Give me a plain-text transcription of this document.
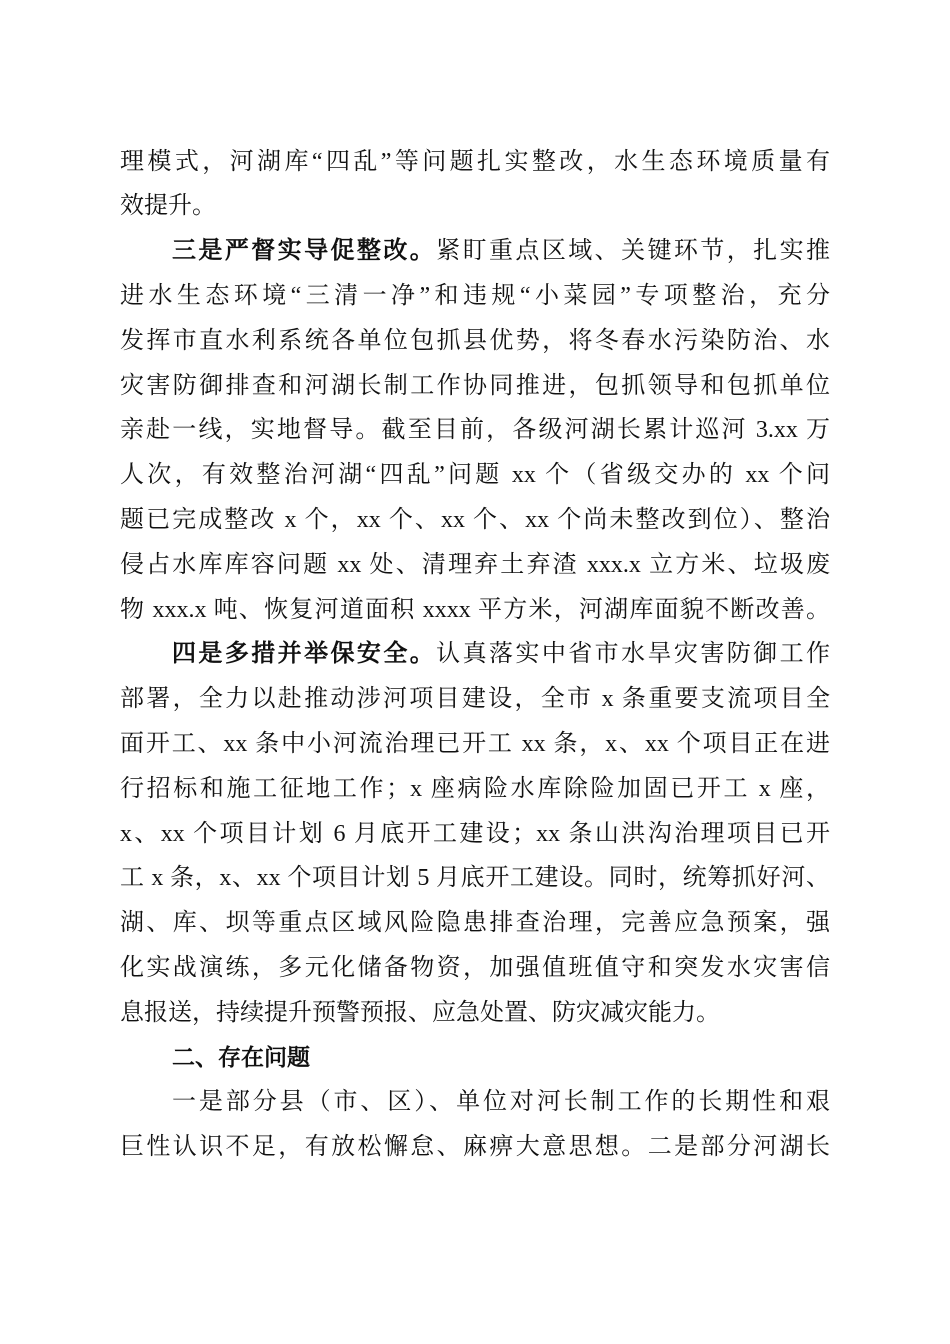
理模式，河湖库“四乱”等问题扎实整改，水生态环境质量有
效提升。
三是严督实导促整改。紧盯重点区域、关键环节，扎实推
进水生态环境“三清一净”和违规“小菜园”专项整治，充分
发挥市直水利系统各单位包抓县优势，将冬春水污染防治、水
灾害防御排查和河湖长制工作协同推进，包抓领导和包抓单位
亲赴一线，实地督导。截至目前，各级河湖长累计巡河 3.xx 万
人次，有效整治河湖“四乱”问题 xx 个（省级交办的 xx 个问
题已完成整改 x 个，xx 个、xx 个、xx 个尚未整改到位）、整治
侵占水库库容问题 xx 处、清理弃土弃渣 xxx.x 立方米、垃圾废
物 xxx.x 吨、恢复河道面积 xxxx 平方米，河湖库面貌不断改善。
四是多措并举保安全。认真落实中省市水旱灾害防御工作
部署，全力以赴推动涉河项目建设，全市 x 条重要支流项目全
面开工、xx 条中小河流治理已开工 xx 条，x、xx 个项目正在进
行招标和施工征地工作；x 座病险水库除险加固已开工 x 座，
x、xx 个项目计划 6 月底开工建设；xx 条山洪沟治理项目已开
工 x 条，x、xx 个项目计划 5 月底开工建设。同时，统筹抓好河、
湖、库、坝等重点区域风险隐患排查治理，完善应急预案，强
化实战演练，多元化储备物资，加强值班值守和突发水灾害信
息报送，持续提升预警预报、应急处置、防灾减灾能力。
二、存在问题
一是部分县（市、区）、单位对河长制工作的长期性和艰
巨性认识不足，有放松懈怠、麻痹大意思想。二是部分河湖长
